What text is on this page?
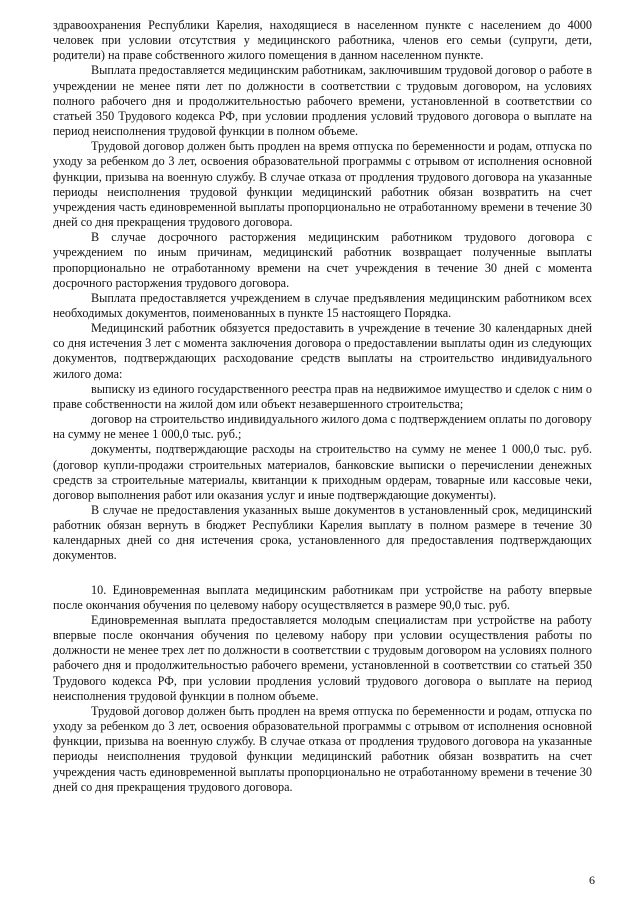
здравоохранения Республики Карелия, находящиеся в населенном пункте с населением до 4000 человек при условии отсутствия у медицинского работника, членов его семьи (супруги, дети, родители) на праве собственного жилого помещения в данном населенном пункте.

Выплата предоставляется медицинским работникам, заключившим трудовой договор о работе в учреждении не менее пяти лет по должности в соответствии с трудовым договором, на условиях полного рабочего дня и продолжительностью рабочего времени, установленной в соответствии со статьей 350 Трудового кодекса РФ, при условии продления условий трудового договора о выплате на период неисполнения трудовой функции в полном объеме.

Трудовой договор должен быть продлен на время отпуска по беременности и родам, отпуска по уходу за ребенком до 3 лет, освоения образовательной программы с отрывом от исполнения основной функции, призыва на военную службу. В случае отказа от продления трудового договора на указанные периоды неисполнения трудовой функции медицинский работник обязан возвратить на счет учреждения часть единовременной выплаты пропорционально не отработанному времени в течение 30 дней со дня прекращения трудового договора.

В случае досрочного расторжения медицинским работником трудового договора с учреждением по иным причинам, медицинский работник возвращает полученные выплаты пропорционально не отработанному времени на счет учреждения в течение 30 дней с момента досрочного расторжения трудового договора.

Выплата предоставляется учреждением в случае предъявления медицинским работником всех необходимых документов, поименованных в пункте 15 настоящего Порядка.

Медицинский работник обязуется предоставить в учреждение в течение 30 календарных дней со дня истечения 3 лет с момента заключения договора о предоставлении выплаты один из следующих документов, подтверждающих расходование средств выплаты на строительство индивидуального жилого дома:

выписку из единого государственного реестра прав на недвижимое имущество и сделок с ним о праве собственности на жилой дом или объект незавершенного строительства;

договор на строительство индивидуального жилого дома с подтверждением оплаты по договору на сумму не менее 1 000,0 тыс. руб.;

документы, подтверждающие расходы на строительство на сумму не менее 1 000,0 тыс. руб. (договор купли-продажи строительных материалов, банковские выписки о перечислении денежных средств за строительные материалы, квитанции к приходным ордерам, товарные или кассовые чеки, договор выполнения работ или оказания услуг и иные подтверждающие документы).

В случае не предоставления указанных выше документов в установленный срок, медицинский работник обязан вернуть в бюджет Республики Карелия выплату в полном размере в течение 30 календарных дней со дня истечения срока, установленного для предоставления подтверждающих документов.

10. Единовременная выплата медицинским работникам при устройстве на работу впервые после окончания обучения по целевому набору осуществляется в размере 90,0 тыс. руб.

Единовременная выплата предоставляется молодым специалистам при устройстве на работу впервые после окончания обучения по целевому набору при условии осуществления работы по должности не менее трех лет по должности в соответствии с трудовым договором на условиях полного рабочего дня и продолжительностью рабочего времени, установленной в соответствии со статьей 350 Трудового кодекса РФ, при условии продления условий трудового договора о выплате на период неисполнения трудовой функции в полном объеме.

Трудовой договор должен быть продлен на время отпуска по беременности и родам, отпуска по уходу за ребенком до 3 лет, освоения образовательной программы с отрывом от исполнения основной функции, призыва на военную службу. В случае отказа от продления трудового договора на указанные периоды неисполнения трудовой функции медицинский работник обязан возвратить на счет учреждения часть единовременной выплаты пропорционально не отработанному времени в течение 30 дней со дня прекращения трудового договора.

6
